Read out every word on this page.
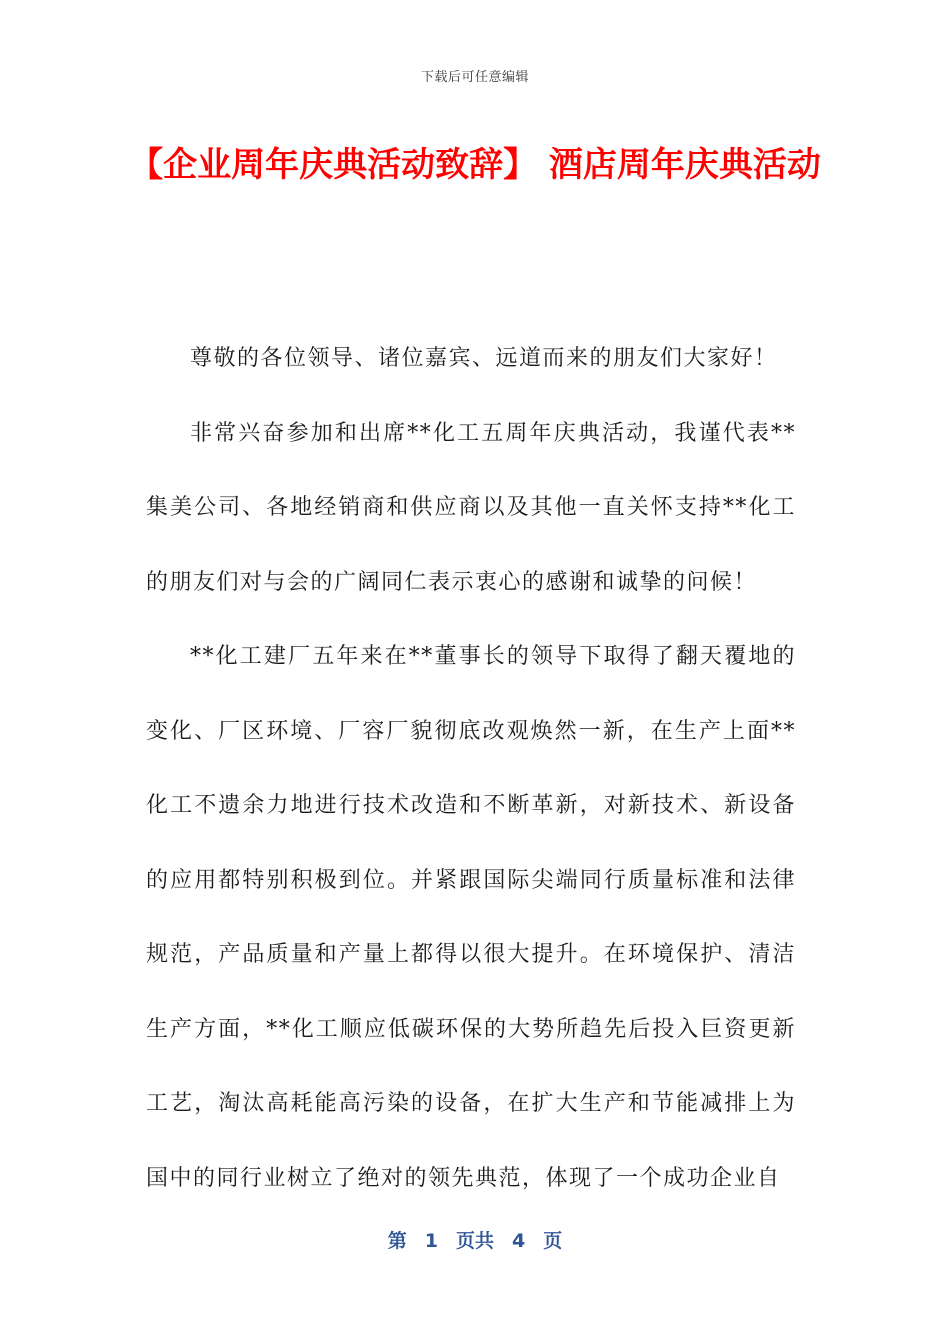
下载后可任意编辑
【企业周年庆典活动致辞】 酒店周年庆典活动

尊敬的各位领导、诸位嘉宾、远道而来的朋友们大家好！

非常兴奋参加和出席**化工五周年庆典活动，我谨代表**集美公司、各地经销商和供应商以及其他一直关怀支持**化工的朋友们对与会的广阔同仁表示衷心的感谢和诚挚的问候！

**化工建厂五年来在**董事长的领导下取得了翻天覆地的变化、厂区环境、厂容厂貌彻底改观焕然一新，在生产上面**化工不遗余力地进行技术改造和不断革新，对新技术、新设备的应用都特别积极到位。并紧跟国际尖端同行质量标准和法律规范，产品质量和产量上都得以很大提升。在环境保护、清洁生产方面，**化工顺应低碳环保的大势所趋先后投入巨资更新工艺，淘汰高耗能高污染的设备，在扩大生产和节能减排上为国中的同行业树立了绝对的领先典范，体现了一个成功企业自

第 1 页共 4 页
